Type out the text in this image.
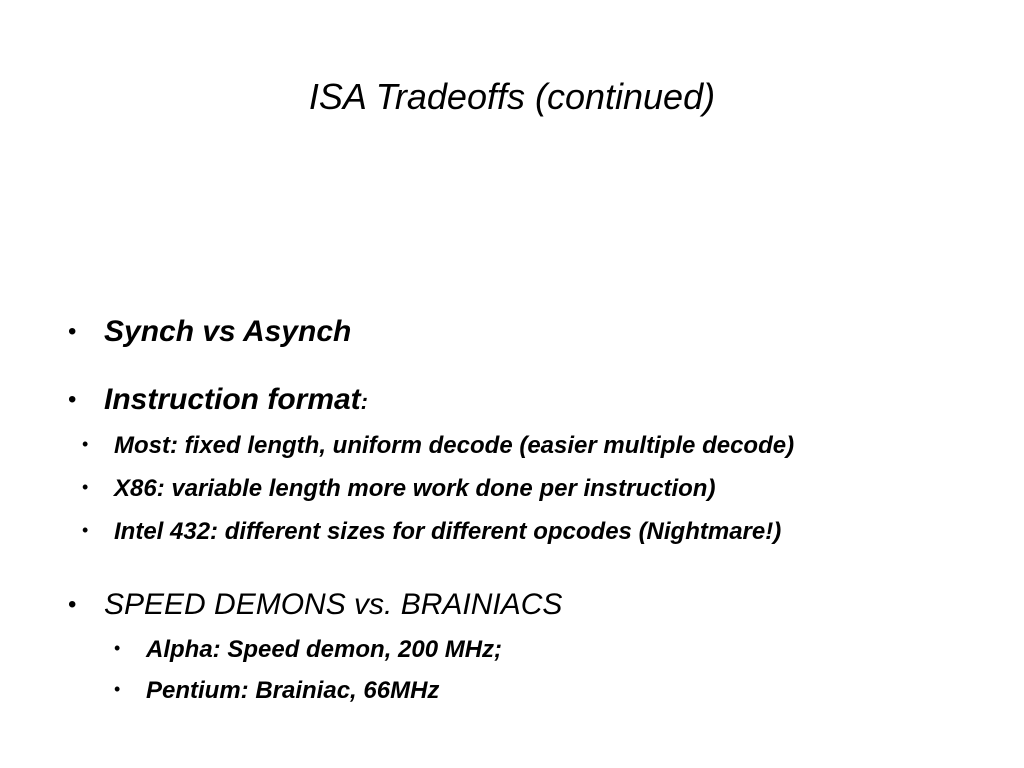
ISA Tradeoffs (continued)
• Synch vs Asynch
• Instruction format:
• Most: fixed length, uniform decode (easier multiple decode)
• X86: variable length more work done per instruction)
• Intel 432: different sizes for different opcodes (Nightmare!)
• SPEED DEMONS vs. BRAINIACS
• Alpha: Speed demon, 200 MHz;
• Pentium: Brainiac, 66MHz
